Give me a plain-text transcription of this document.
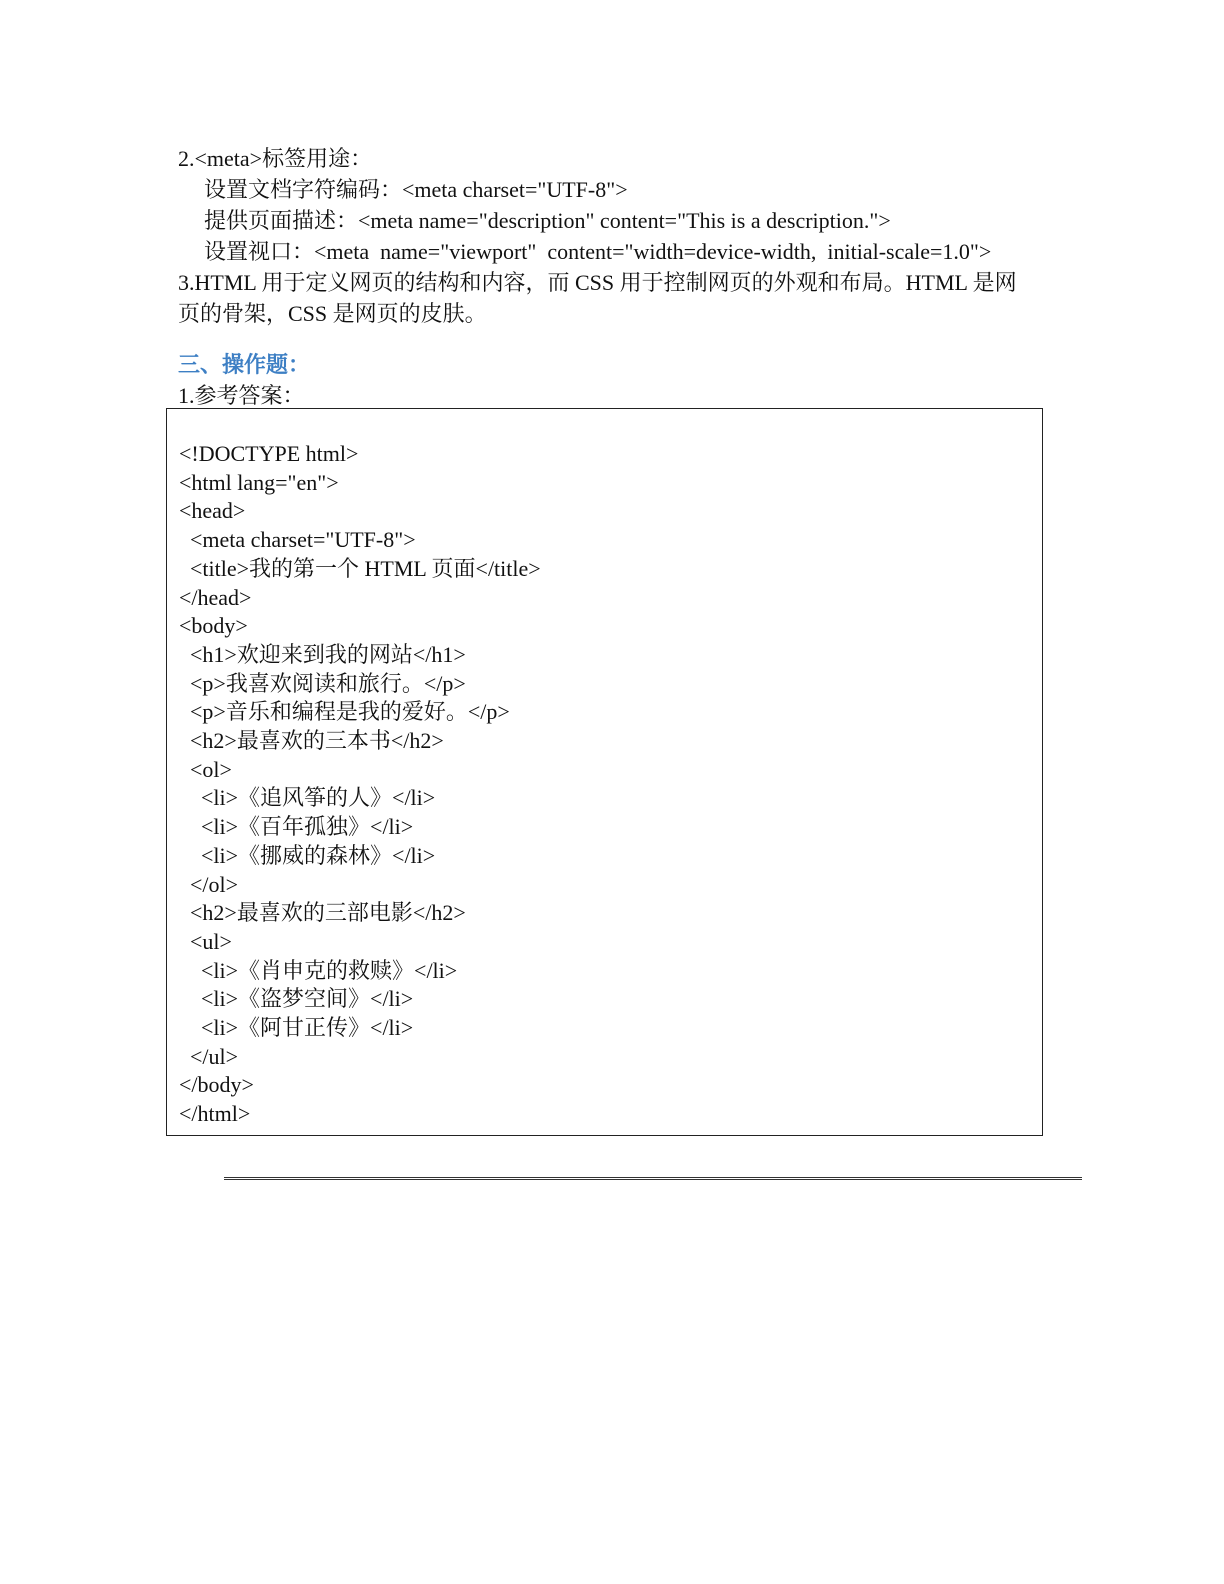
2.<meta>标签用途：
设置文档字符编码：<meta charset="UTF-8">
提供页面描述：<meta name="description" content="This is a description.">
设置视口：<meta  name="viewport"  content="width=device-width,  initial-scale=1.0">
3.HTML 用于定义网页的结构和内容，而 CSS 用于控制网页的外观和布局。HTML 是网页的骨架，CSS 是网页的皮肤。
三、操作题：
1.参考答案：
<!DOCTYPE html>
<html lang="en">
<head>
<meta charset="UTF-8">
<title>我的第一个 HTML 页面</title>
</head>
<body>
<h1>欢迎来到我的网站</h1>
<p>我喜欢阅读和旅行。</p>
<p>音乐和编程是我的爱好。</p>
<h2>最喜欢的三本书</h2>
<ol>
<li>《追风筝的人》</li>
<li>《百年孤独》</li>
<li>《挪威的森林》</li>
</ol>
<h2>最喜欢的三部电影</h2>
<ul>
<li>《肖申克的救赎》</li>
<li>《盗梦空间》</li>
<li>《阿甘正传》</li>
</ul>
</body>
</html>
